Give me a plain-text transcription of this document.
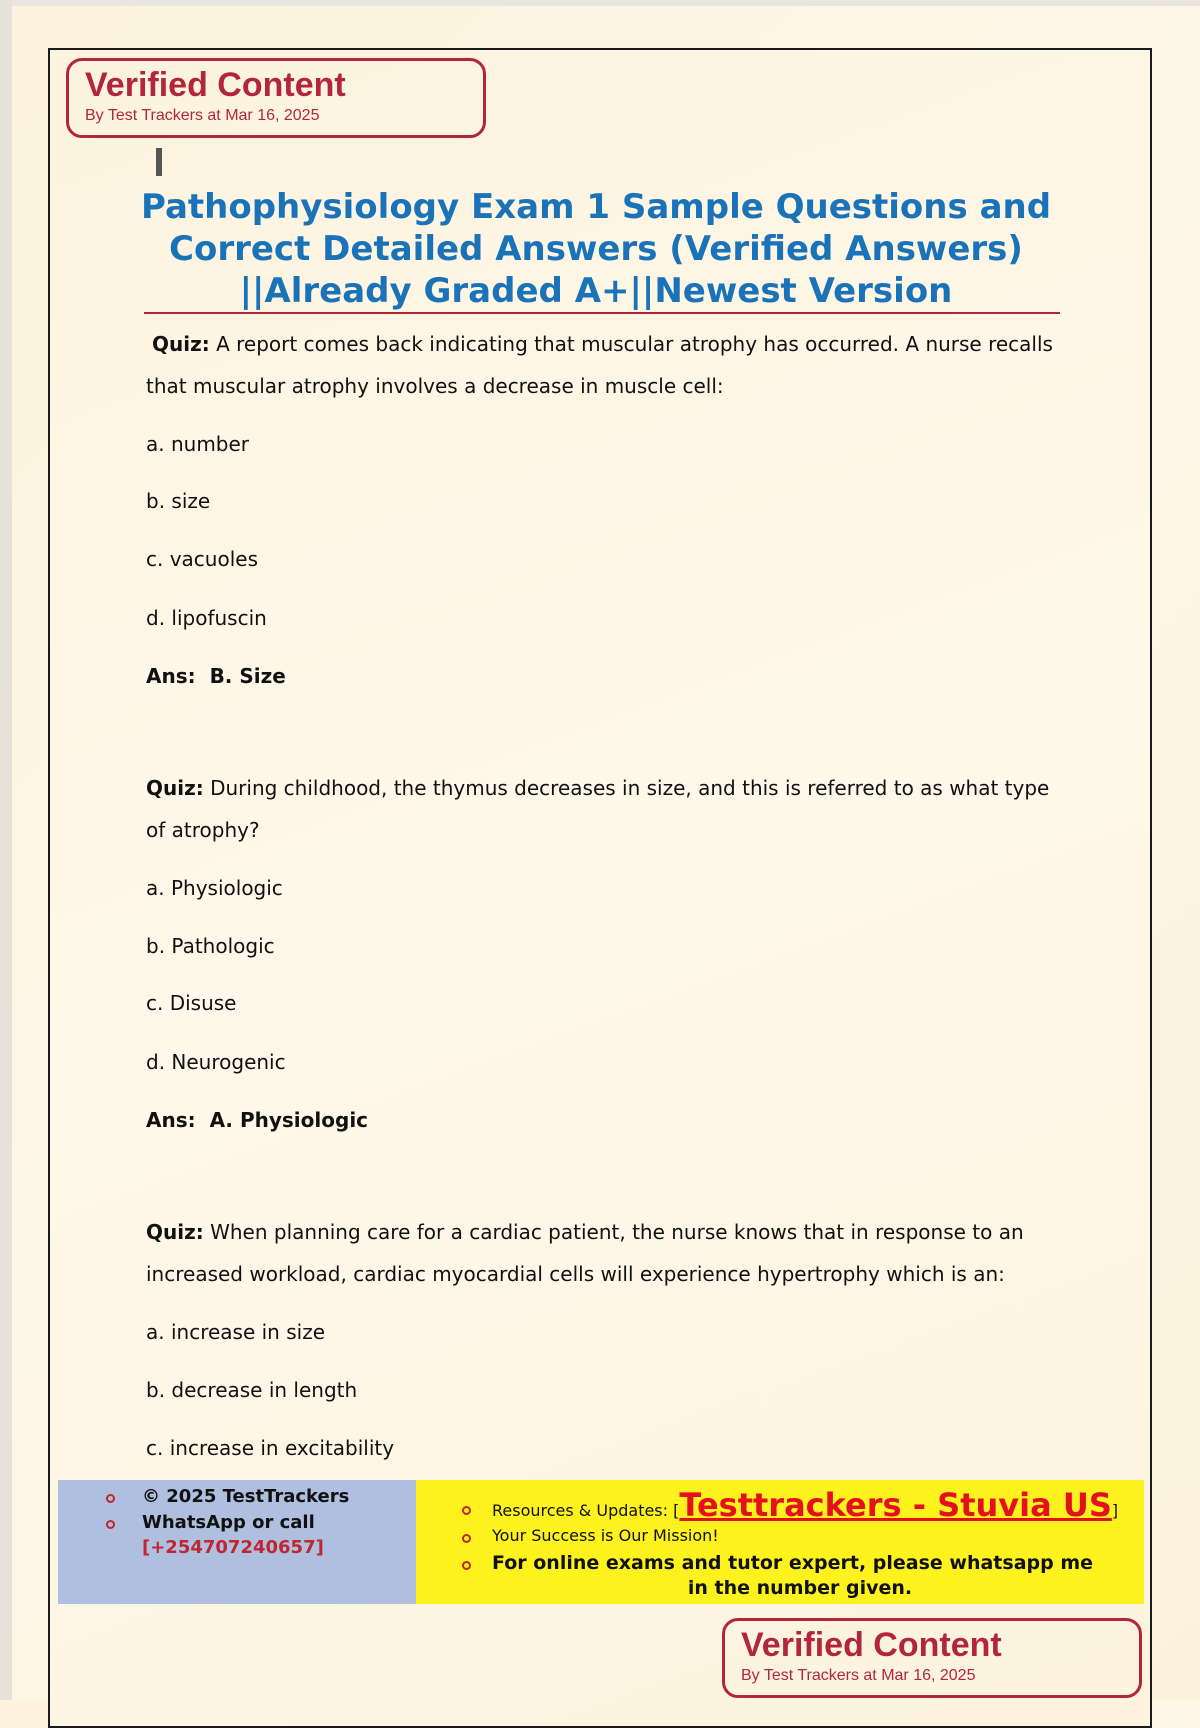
Verified Content
By Test Trackers at Mar 16, 2025
Pathophysiology Exam 1 Sample Questions and
Correct Detailed Answers (Verified Answers)
||Already Graded A+||Newest Version
Quiz: A report comes back indicating that muscular atrophy has occurred. A nurse recalls
that muscular atrophy involves a decrease in muscle cell:
a. number
b. size
c. vacuoles
d. lipofuscin
Ans: B. Size
Quiz: During childhood, the thymus decreases in size, and this is referred to as what type
of atrophy?
a. Physiologic
b. Pathologic
c. Disuse
d. Neurogenic
Ans: A. Physiologic
Quiz: When planning care for a cardiac patient, the nurse knows that in response to an
increased workload, cardiac myocardial cells will experience hypertrophy which is an:
a. increase in size
b. decrease in length
c. increase in excitability
© 2025 TestTrackers
WhatsApp or call
[+254707240657]
Resources & Updates: [Testtrackers - Stuvia US]
Your Success is Our Mission!
For online exams and tutor expert, please whatsapp me
in the number given.
Verified Content
By Test Trackers at Mar 16, 2025
